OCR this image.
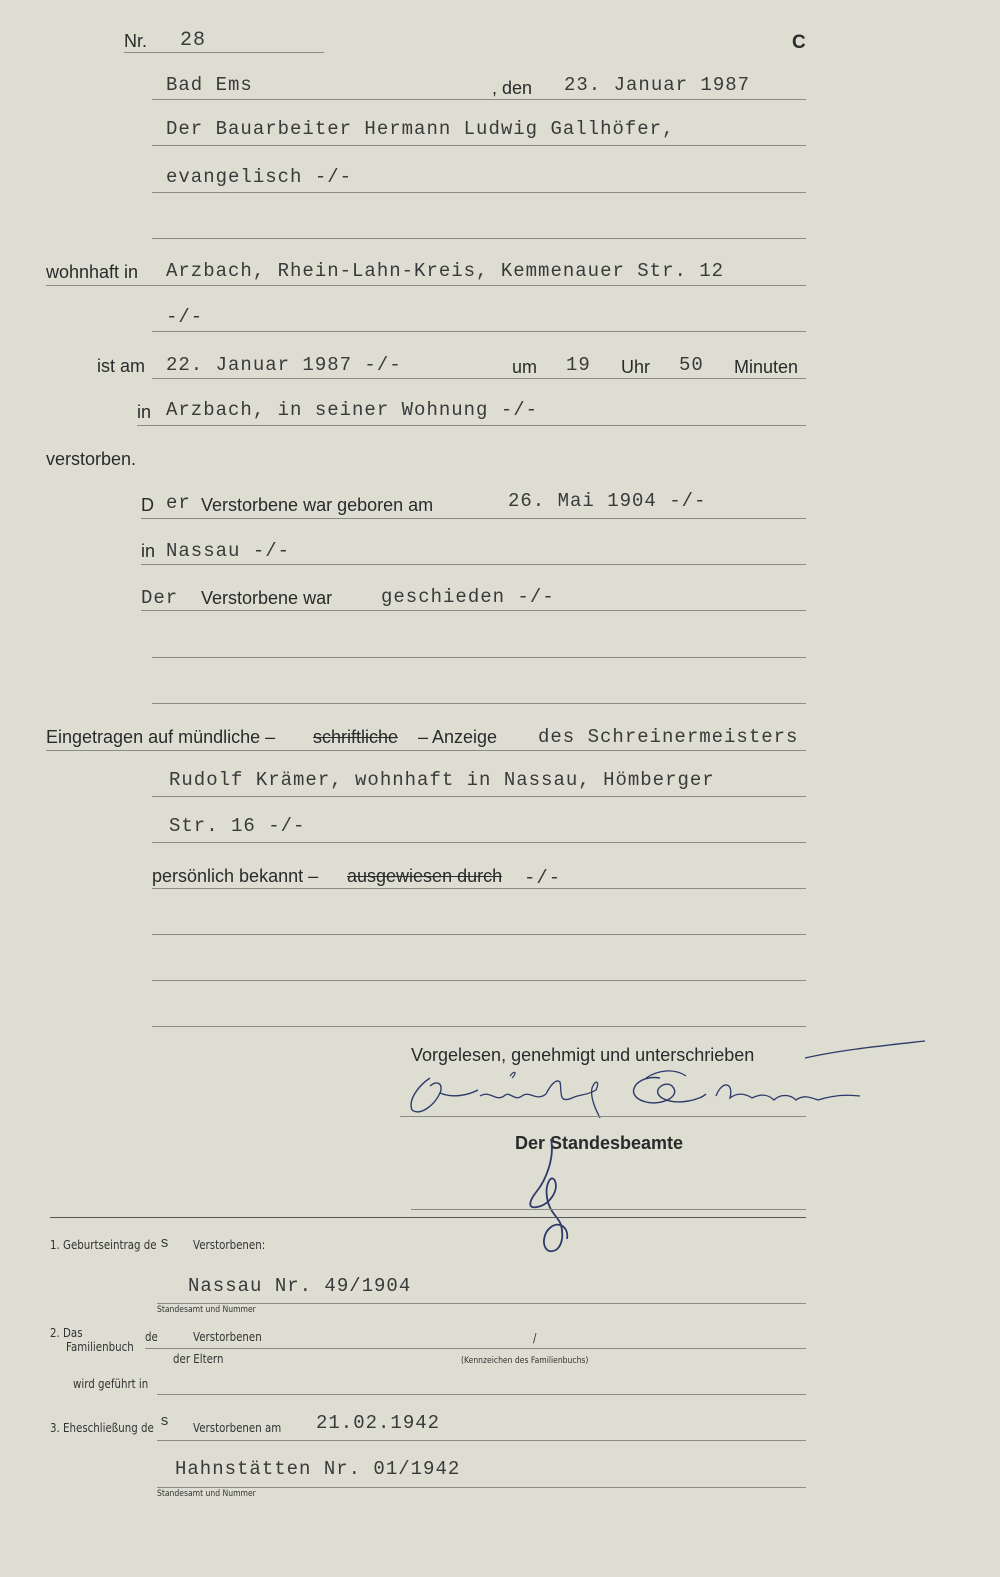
Nr. 28	C
Bad Ems	, den 23. Januar 1987
Der Bauarbeiter Hermann Ludwig Gallhöfer,
evangelisch -/-
wohnhaft in Arzbach, Rhein-Lahn-Kreis, Kemmenauer Str. 12
-/-
ist am 22. Januar 1987 -/-	um 19 Uhr 50 Minuten
in Arzbach, in seiner Wohnung -/-
verstorben.
D er Verstorbene war geboren am	26. Mai 1904 -/-
in Nassau -/-
Der Verstorbene war	geschieden -/-
Eingetragen auf mündliche – schriftliche – Anzeige des Schreinermeisters
Rudolf Krämer, wohnhaft in Nassau, Hömberger
Str. 16 -/-
persönlich bekannt – ausgewiesen durch -/-
Vorgelesen, genehmigt und unterschrieben
Der Standesbeamte
1. Geburtseintrag de s Verstorbenen:
Nassau Nr. 49/1904
Standesamt und Nummer
2. Das
Familienbuch
de	Verstorbenen
der Eltern
/
(Kennzeichen des Familienbuchs)
wird geführt in
3. Eheschließung de s Verstorbenen am 21.02.1942
Hahnstätten Nr. 01/1942
Standesamt und Nummer
